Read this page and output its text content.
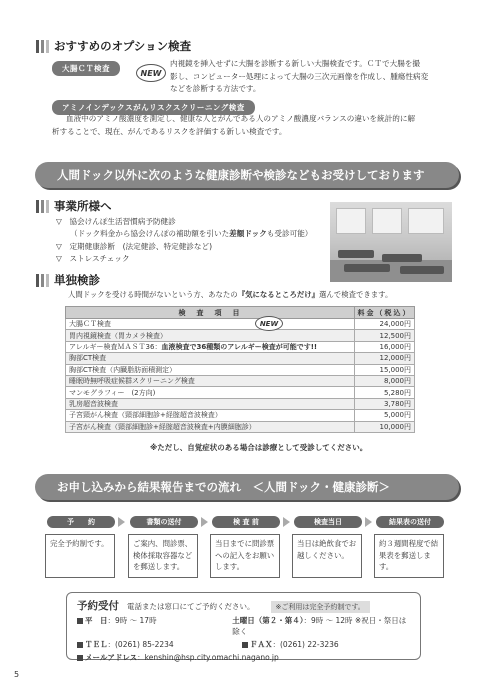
おすすめのオプション検査
大腸ＣＴ検査	NEW
内視鏡を挿入せずに大腸を診断する新しい大腸検査です。ＣＴで大腸を撮
影し、コンピューター処理によって大腸の三次元画像を作成し、腫瘍性病変
などを診断する方法です。
アミノインデックスがんリスクスクリーニング検査
血液中のアミノ酸濃度を測定し、健康な人とがんである人のアミノ酸濃度バランスの違いを統計的に解
析することで、現在、がんであるリスクを評価する新しい検査です。
人間ドック以外に次のような健康診断や検診などもお受けしております
事業所様へ
▽　 協会けんぽ生活習慣病予防健診
（ドック料金から協会けんぽの補助額を引いた差額ドックも受診可能）
▽　 定期健康診断　(法定健診、特定健診など)
▽　 ストレスチェック
単独検診
人間ドックを受ける時間がないという方、あなたの『気になるところだけ』選んで検査できます。
検　査　項　目	料金（税込）
大腸ＣＴ検査	24,000円
胃内視鏡検査（胃カメラ検査）	12,500円
アレルギー検査ＭＡＳＴ36：血液検査で36種類のアレルギー検査が可能です!!	16,000円
胸部CT検査	12,000円
胸部CT検査（内臓脂肪面積測定）	15,000円
睡眠時無呼吸症候群スクリーニング検査	8,000円
マンモグラフィー　(2方向)	5,280円
乳房超音波検査	3,780円
子宮頸がん検査（頸部細胞診+経腟超音波検査）	5,000円
子宮がん検査（頸部細胞診+経腟超音波検査+内膜細胞診）	10,000円
NEW
※ただし、自覚症状のある場合は診療として受診してください。
お申し込みから結果報告までの流れ　＜人間ドック・健康診断＞
予　　約	書類の送付	検 査 前	検査当日	結果表の送付
完全予約制です。	ご案内、問診票、検体採取容器などを郵送します。
当日までに問診票への記入をお願いします。
当日は絶飲食でお越しください。
約３週間程度で結果表を郵送します。
予約受付 電話または窓口にてご予約ください。	※ご利用は完全予約制です。
平　日：9時 ～ 17時	土曜日（第２・第４）：9時 ～ 12時 ※祝日・祭日は除く
ＴＥＬ：(0261) 85-2234	ＦＡＸ：(0261) 22-3236
メールアドレス：kenshin@hsp.city.omachi.nagano.jp
5
